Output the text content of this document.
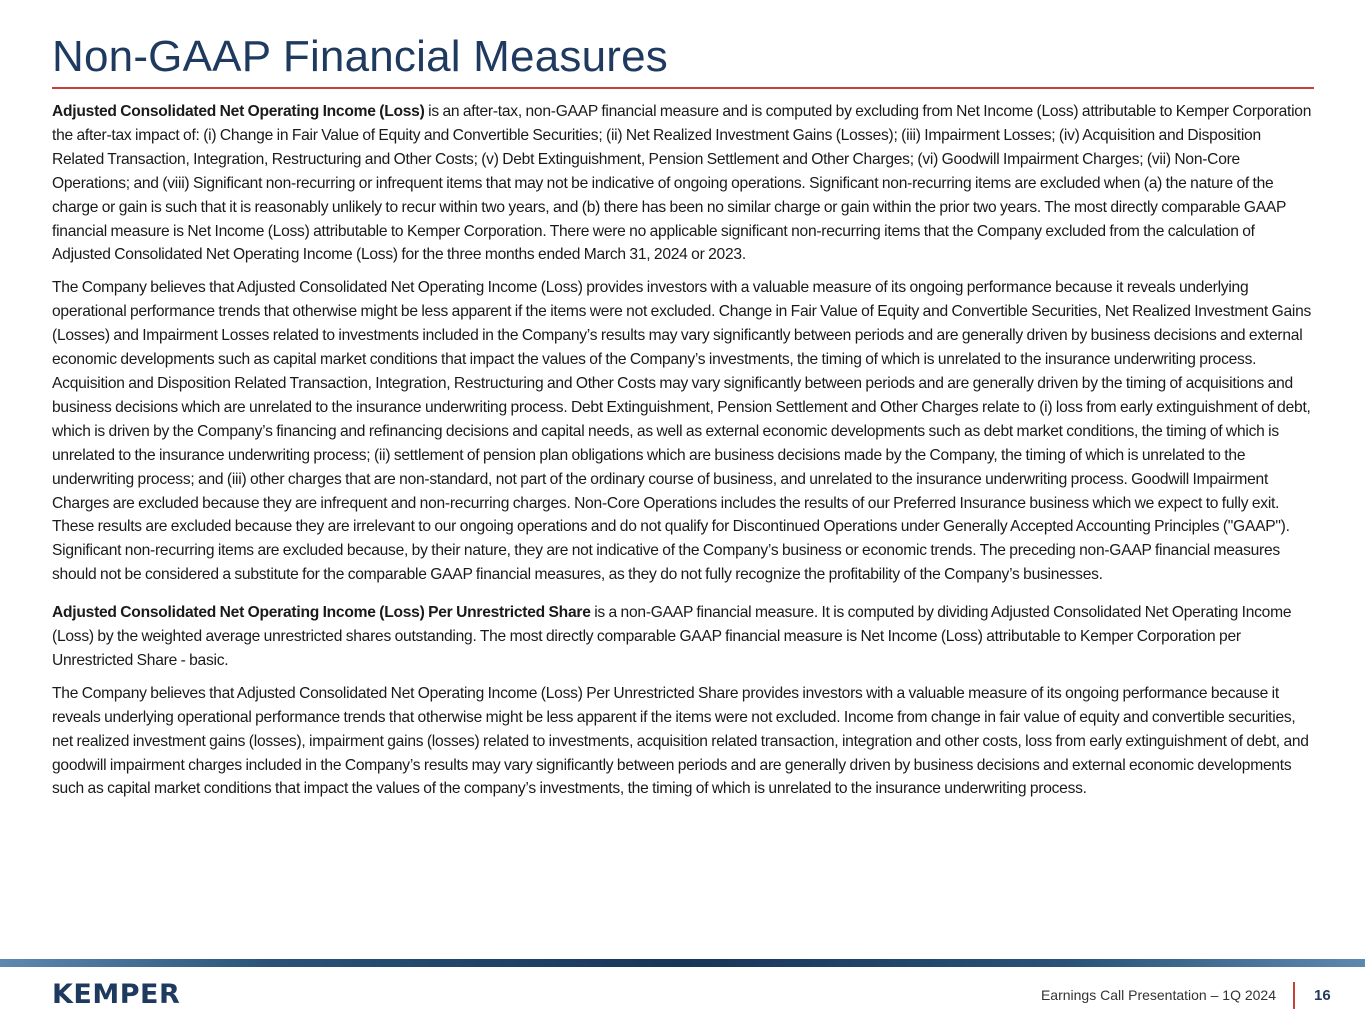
Non-GAAP Financial Measures

Adjusted Consolidated Net Operating Income (Loss) is an after-tax, non-GAAP financial measure and is computed by excluding from Net Income (Loss) attributable to Kemper Corporation the after-tax impact of: (i) Change in Fair Value of Equity and Convertible Securities; (ii) Net Realized Investment Gains (Losses); (iii) Impairment Losses; (iv) Acquisition and Disposition Related Transaction, Integration, Restructuring and Other Costs; (v) Debt Extinguishment, Pension Settlement and Other Charges; (vi) Goodwill Impairment Charges; (vii) Non-Core Operations; and (viii) Significant non-recurring or infrequent items that may not be indicative of ongoing operations. Significant non-recurring items are excluded when (a) the nature of the charge or gain is such that it is reasonably unlikely to recur within two years, and (b) there has been no similar charge or gain within the prior two years. The most directly comparable GAAP financial measure is Net Income (Loss) attributable to Kemper Corporation. There were no applicable significant non-recurring items that the Company excluded from the calculation of Adjusted Consolidated Net Operating Income (Loss) for the three months ended March 31, 2024 or 2023.

The Company believes that Adjusted Consolidated Net Operating Income (Loss) provides investors with a valuable measure of its ongoing performance because it reveals underlying operational performance trends that otherwise might be less apparent if the items were not excluded. Change in Fair Value of Equity and Convertible Securities, Net Realized Investment Gains (Losses) and Impairment Losses related to investments included in the Company’s results may vary significantly between periods and are generally driven by business decisions and external economic developments such as capital market conditions that impact the values of the Company’s investments, the timing of which is unrelated to the insurance underwriting process. Acquisition and Disposition Related Transaction, Integration, Restructuring and Other Costs may vary significantly between periods and are generally driven by the timing of acquisitions and business decisions which are unrelated to the insurance underwriting process. Debt Extinguishment, Pension Settlement and Other Charges relate to (i) loss from early extinguishment of debt, which is driven by the Company’s financing and refinancing decisions and capital needs, as well as external economic developments such as debt market conditions, the timing of which is unrelated to the insurance underwriting process; (ii) settlement of pension plan obligations which are business decisions made by the Company, the timing of which is unrelated to the underwriting process; and (iii) other charges that are non-standard, not part of the ordinary course of business, and unrelated to the insurance underwriting process. Goodwill Impairment Charges are excluded because they are infrequent and non-recurring charges. Non-Core Operations includes the results of our Preferred Insurance business which we expect to fully exit. These results are excluded because they are irrelevant to our ongoing operations and do not qualify for Discontinued Operations under Generally Accepted Accounting Principles ("GAAP"). Significant non-recurring items are excluded because, by their nature, they are not indicative of the Company’s business or economic trends. The preceding non-GAAP financial measures should not be considered a substitute for the comparable GAAP financial measures, as they do not fully recognize the profitability of the Company’s businesses.

Adjusted Consolidated Net Operating Income (Loss) Per Unrestricted Share is a non-GAAP financial measure. It is computed by dividing Adjusted Consolidated Net Operating Income (Loss) by the weighted average unrestricted shares outstanding. The most directly comparable GAAP financial measure is Net Income (Loss) attributable to Kemper Corporation per Unrestricted Share - basic.

The Company believes that Adjusted Consolidated Net Operating Income (Loss) Per Unrestricted Share provides investors with a valuable measure of its ongoing performance because it reveals underlying operational performance trends that otherwise might be less apparent if the items were not excluded. Income from change in fair value of equity and convertible securities, net realized investment gains (losses), impairment gains (losses) related to investments, acquisition related transaction, integration and other costs, loss from early extinguishment of debt, and goodwill impairment charges included in the Company’s results may vary significantly between periods and are generally driven by business decisions and external economic developments such as capital market conditions that impact the values of the company’s investments, the timing of which is unrelated to the insurance underwriting process.

KEMPER	Earnings Call Presentation – 1Q 2024	16
